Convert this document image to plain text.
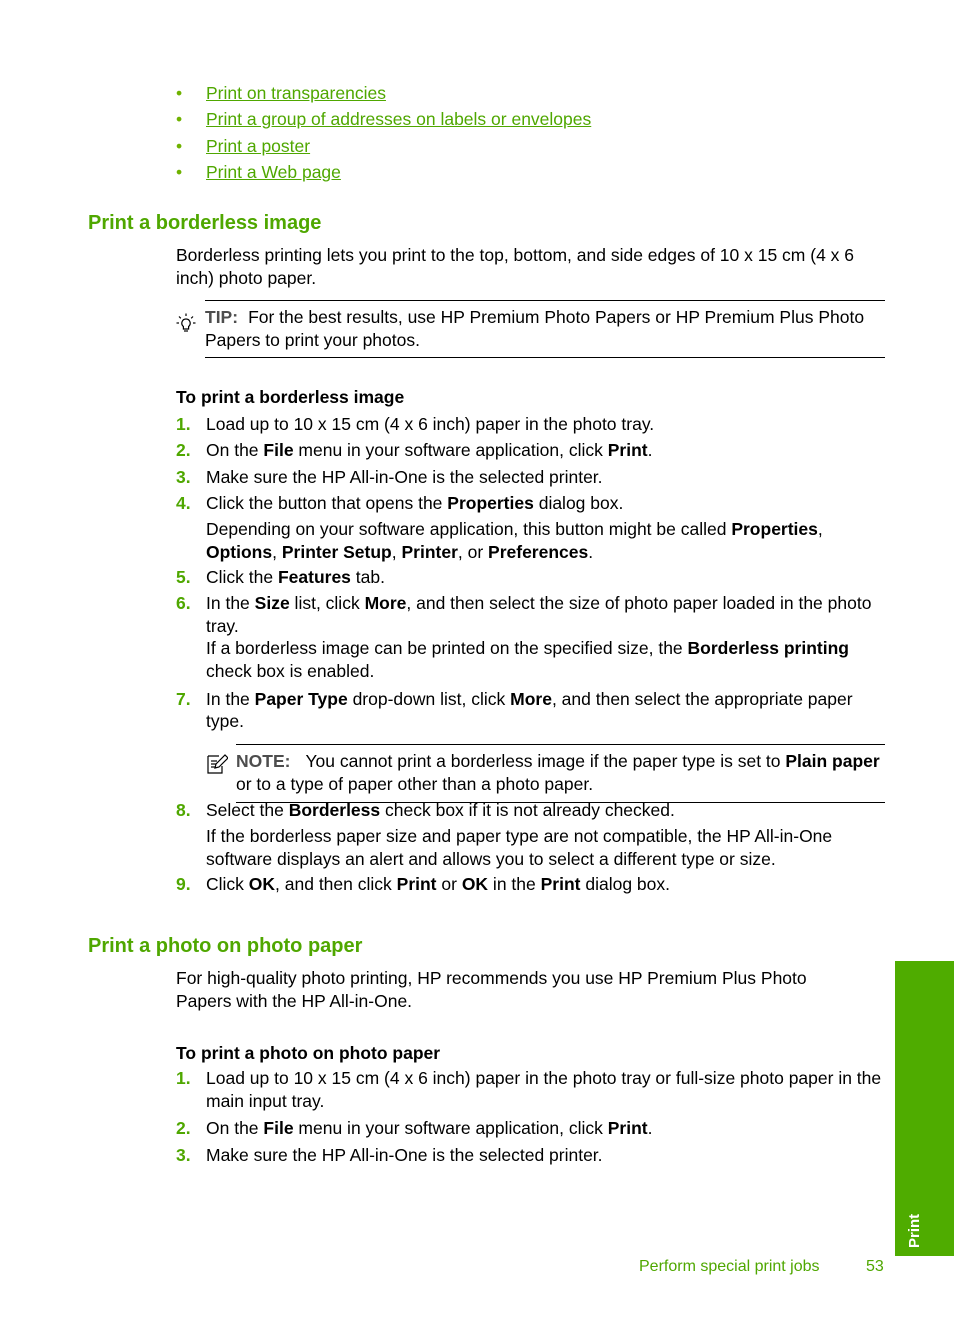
• Print on transparencies
• Print a group of addresses on labels or envelopes
• Print a poster
• Print a Web page
Print a borderless image
Borderless printing lets you print to the top, bottom, and side edges of 10 x 15 cm (4 x 6 inch) photo paper.
TIP: For the best results, use HP Premium Photo Papers or HP Premium Plus Photo Papers to print your photos.
To print a borderless image
1. Load up to 10 x 15 cm (4 x 6 inch) paper in the photo tray.
2. On the File menu in your software application, click Print.
3. Make sure the HP All-in-One is the selected printer.
4. Click the button that opens the Properties dialog box.
Depending on your software application, this button might be called Properties, Options, Printer Setup, Printer, or Preferences.
5. Click the Features tab.
6. In the Size list, click More, and then select the size of photo paper loaded in the photo tray.
If a borderless image can be printed on the specified size, the Borderless printing check box is enabled.
7. In the Paper Type drop-down list, click More, and then select the appropriate paper type.
8. Select the Borderless check box if it is not already checked.
If the borderless paper size and paper type are not compatible, the HP All-in-One software displays an alert and allows you to select a different type or size.
9. Click OK, and then click Print or OK in the Print dialog box.
NOTE: You cannot print a borderless image if the paper type is set to Plain paper or to a type of paper other than a photo paper.
Print a photo on photo paper
For high-quality photo printing, HP recommends you use HP Premium Plus Photo Papers with the HP All-in-One.
To print a photo on photo paper
1. Load up to 10 x 15 cm (4 x 6 inch) paper in the photo tray or full-size photo paper in the main input tray.
2. On the File menu in your software application, click Print.
3. Make sure the HP All-in-One is the selected printer.
Print
Perform special print jobs	53
